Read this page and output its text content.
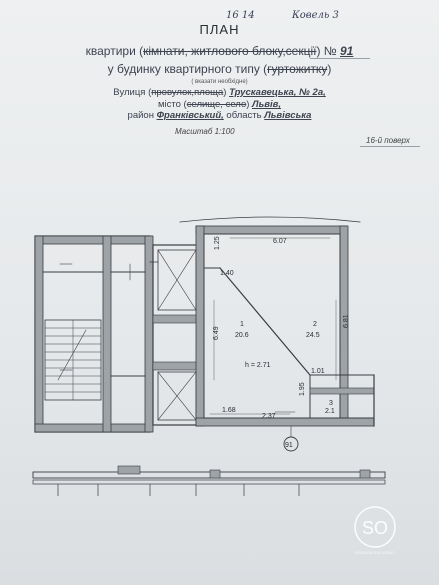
16 14	Ковель 3
ПЛАН
квартири (кімнати, житлового блоку,секції) № 91
у будинку квартирного типу (гуртожитку)
( вказати необхідне)
Вулиця (провулок,площа) Трускавецька, № 2а,
місто (селище, село) Львів,
район Франківський, область Львівська
Масштаб 1:100
16-й поверх
6.07
1.25
1.40
6.49
6.81
1.68
2.37
1.01
1.95
h = 2.71
1
20.6
2
24.5
3
2.1
91
SO
OKSANA SKOLOZ AGENCY
